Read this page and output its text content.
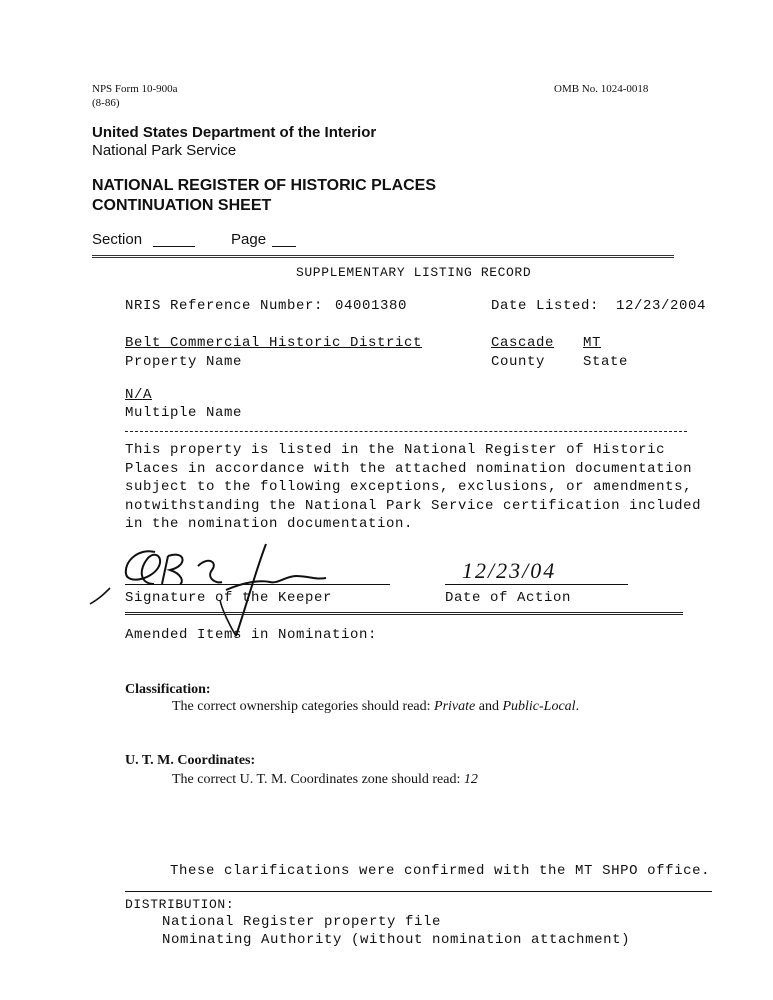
NPS Form 10-900a
(8-86)
OMB No. 1024-0018
United States Department of the Interior
National Park Service
NATIONAL REGISTER OF HISTORIC PLACES
CONTINUATION SHEET
Section	Page
SUPPLEMENTARY LISTING RECORD
NRIS Reference Number: 04001380	Date Listed: 12/23/2004
Belt Commercial Historic District
Property Name
Cascade
County
MT
State
N/A
Multiple Name
This property is listed in the National Register of Historic
Places in accordance with the attached nomination documentation
subject to the following exceptions, exclusions, or amendments,
notwithstanding the National Park Service certification included
in the nomination documentation.
Signature of the Keeper
12/23/04
Date of Action
Amended Items in Nomination:
Classification:
The correct ownership categories should read: Private and Public-Local.
U. T. M. Coordinates:
The correct U. T. M. Coordinates zone should read: 12
These clarifications were confirmed with the MT SHPO office.
DISTRIBUTION:
National Register property file
Nominating Authority (without nomination attachment)
